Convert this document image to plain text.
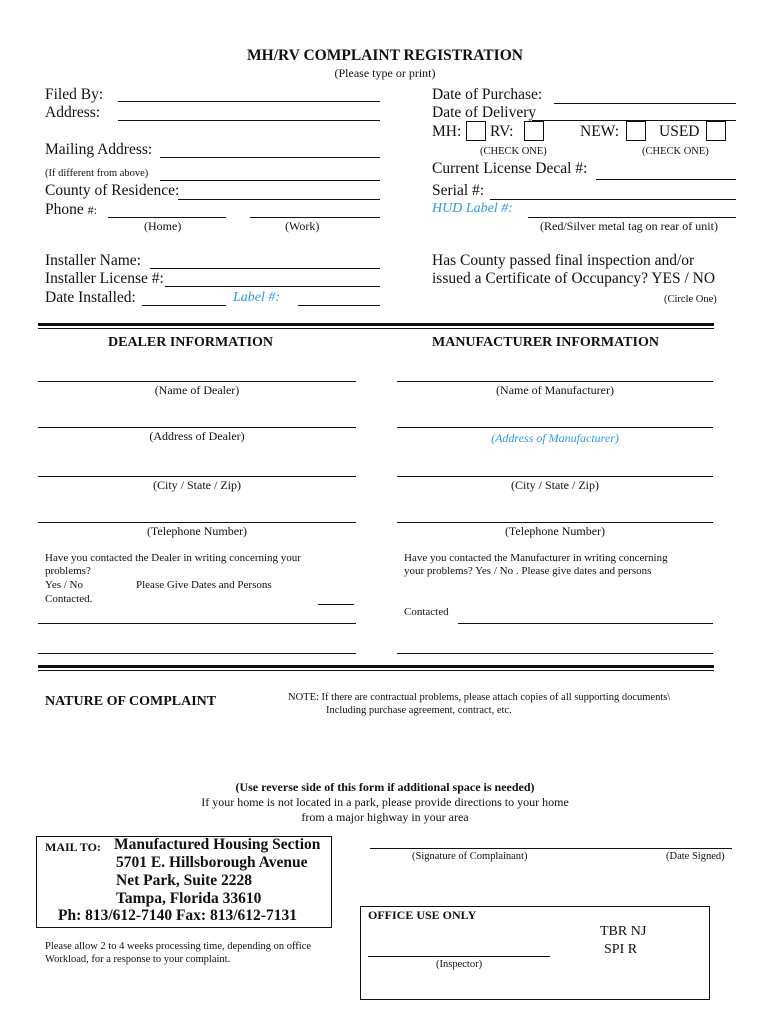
MH/RV COMPLAINT REGISTRATION
(Please type or print)
Filed By:
Address:
Mailing Address:
(If different from above)
County of Residence:
Phone #:
(Home)	(Work)
Installer Name:
Installer License #:
Date Installed:	Label #:
Date of Purchase:
Date of Delivery
MH: RV:	NEW:	USED
(CHECK ONE)	(CHECK ONE)
Current License Decal #:
Serial #:
HUD Label #:
(Red/Silver metal tag on rear of unit)
Has County passed final inspection and/or
issued a Certificate of Occupancy? YES / NO
(Circle One)
DEALER INFORMATION
(Name of Dealer)
(Address of Dealer)
(City / State / Zip)
(Telephone Number)
Have you contacted the Dealer in writing concerning your
problems?
Yes / No	Please Give Dates and Persons
Contacted.
MANUFACTURER INFORMATION
(Name of Manufacturer)
(Address of Manufacturer)
(City / State / Zip)
(Telephone Number)
Have you contacted the Manufacturer in writing concerning
your problems? Yes / No . Please give dates and persons
Contacted
NATURE OF COMPLAINT	NOTE: If there are contractual problems, please attach copies of all supporting documents\
Including purchase agreement, contract, etc.
(Use reverse side of this form if additional space is needed)
If your home is not located in a park, please provide directions to your home
from a major highway in your area
MAIL TO: Manufactured Housing Section
5701 E. Hillsborough Avenue
Net Park, Suite 2228
Tampa, Florida 33610
Ph: 813/612-7140 Fax: 813/612-7131
Please allow 2 to 4 weeks processing time, depending on office
Workload, for a response to your complaint.
(Signature of Complainant)	(Date Signed)
OFFICE USE ONLY
TBR NJ
SPI R
(Inspector)
